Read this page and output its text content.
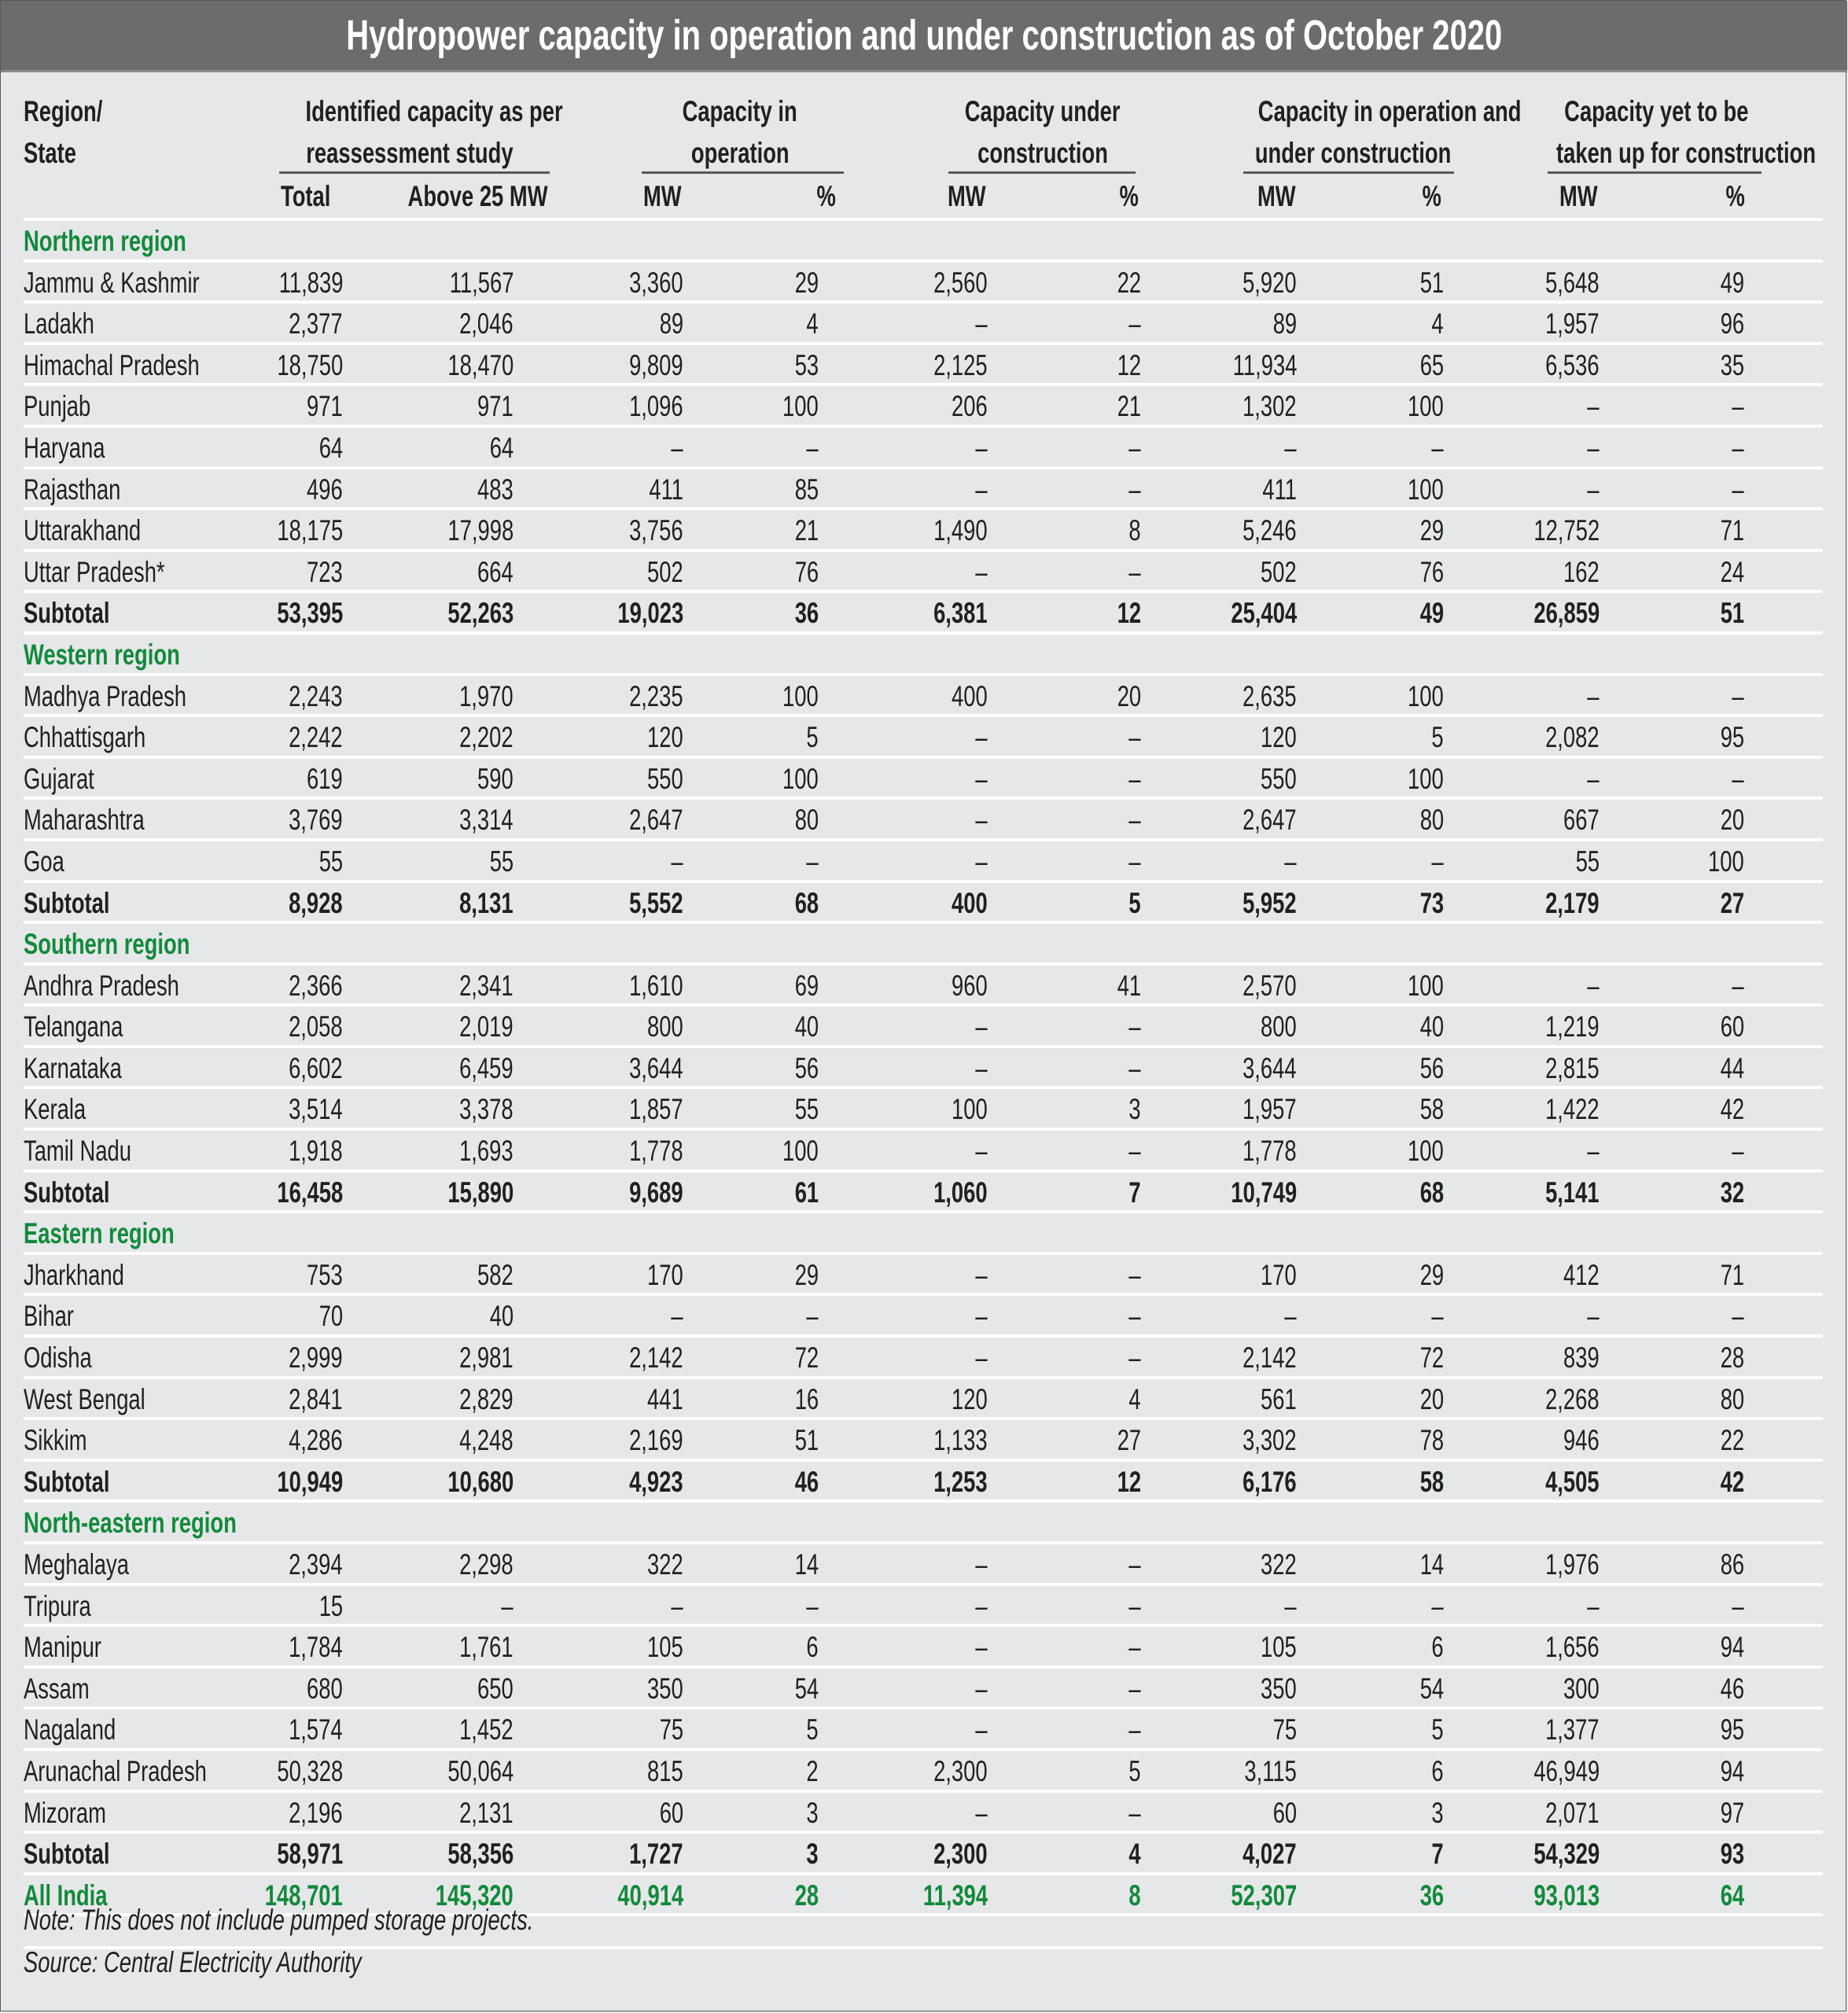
Hydropower capacity in operation and under construction as of October 2020
Region/
State
Identified capacity as per
reassessment study
Capacity in
operation
Capacity under
construction
Capacity in operation and
under construction
Capacity yet to be
taken up for construction
Total	Above 25 MW	MW	%	MW	%	MW	%	MW	%
Northern region
Jammu & Kashmir	11,839	11,567	3,360	29	2,560	22	5,920	51	5,648	49
Ladakh	2,377	2,046	89	4	–	–	89	4	1,957	96
Himachal Pradesh	18,750	18,470	9,809	53	2,125	12	11,934	65	6,536	35
Punjab	971	971	1,096	100	206	21	1,302	100	–	–
Haryana	64	64	–	–	–	–	–	–	–	–
Rajasthan	496	483	411	85	–	–	411	100	–	–
Uttarakhand	18,175	17,998	3,756	21	1,490	8	5,246	29	12,752	71
Uttar Pradesh*	723	664	502	76	–	–	502	76	162	24
Subtotal	53,395	52,263	19,023	36	6,381	12	25,404	49	26,859	51
Western region
Madhya Pradesh	2,243	1,970	2,235	100	400	20	2,635	100	–	–
Chhattisgarh	2,242	2,202	120	5	–	–	120	5	2,082	95
Gujarat	619	590	550	100	–	–	550	100	–	–
Maharashtra	3,769	3,314	2,647	80	–	–	2,647	80	667	20
Goa	55	55	–	–	–	–	–	–	55	100
Subtotal	8,928	8,131	5,552	68	400	5	5,952	73	2,179	27
Southern region
Andhra Pradesh	2,366	2,341	1,610	69	960	41	2,570	100	–	–
Telangana	2,058	2,019	800	40	–	–	800	40	1,219	60
Karnataka	6,602	6,459	3,644	56	–	–	3,644	56	2,815	44
Kerala	3,514	3,378	1,857	55	100	3	1,957	58	1,422	42
Tamil Nadu	1,918	1,693	1,778	100	–	–	1,778	100	–	–
Subtotal	16,458	15,890	9,689	61	1,060	7	10,749	68	5,141	32
Eastern region
Jharkhand	753	582	170	29	–	–	170	29	412	71
Bihar	70	40	–	–	–	–	–	–	–	–
Odisha	2,999	2,981	2,142	72	–	–	2,142	72	839	28
West Bengal	2,841	2,829	441	16	120	4	561	20	2,268	80
Sikkim	4,286	4,248	2,169	51	1,133	27	3,302	78	946	22
Subtotal	10,949	10,680	4,923	46	1,253	12	6,176	58	4,505	42
North-eastern region
Meghalaya	2,394	2,298	322	14	–	–	322	14	1,976	86
Tripura	15	–	–	–	–	–	–	–	–	–
Manipur	1,784	1,761	105	6	–	–	105	6	1,656	94
Assam	680	650	350	54	–	–	350	54	300	46
Nagaland	1,574	1,452	75	5	–	–	75	5	1,377	95
Arunachal Pradesh	50,328	50,064	815	2	2,300	5	3,115	6	46,949	94
Mizoram	2,196	2,131	60	3	–	–	60	3	2,071	97
Subtotal	58,971	58,356	1,727	3	2,300	4	4,027	7	54,329	93
All India	148,701	145,320	40,914	28	11,394	8	52,307	36	93,013	64
Note: This does not include pumped storage projects.
Source: Central Electricity Authority
